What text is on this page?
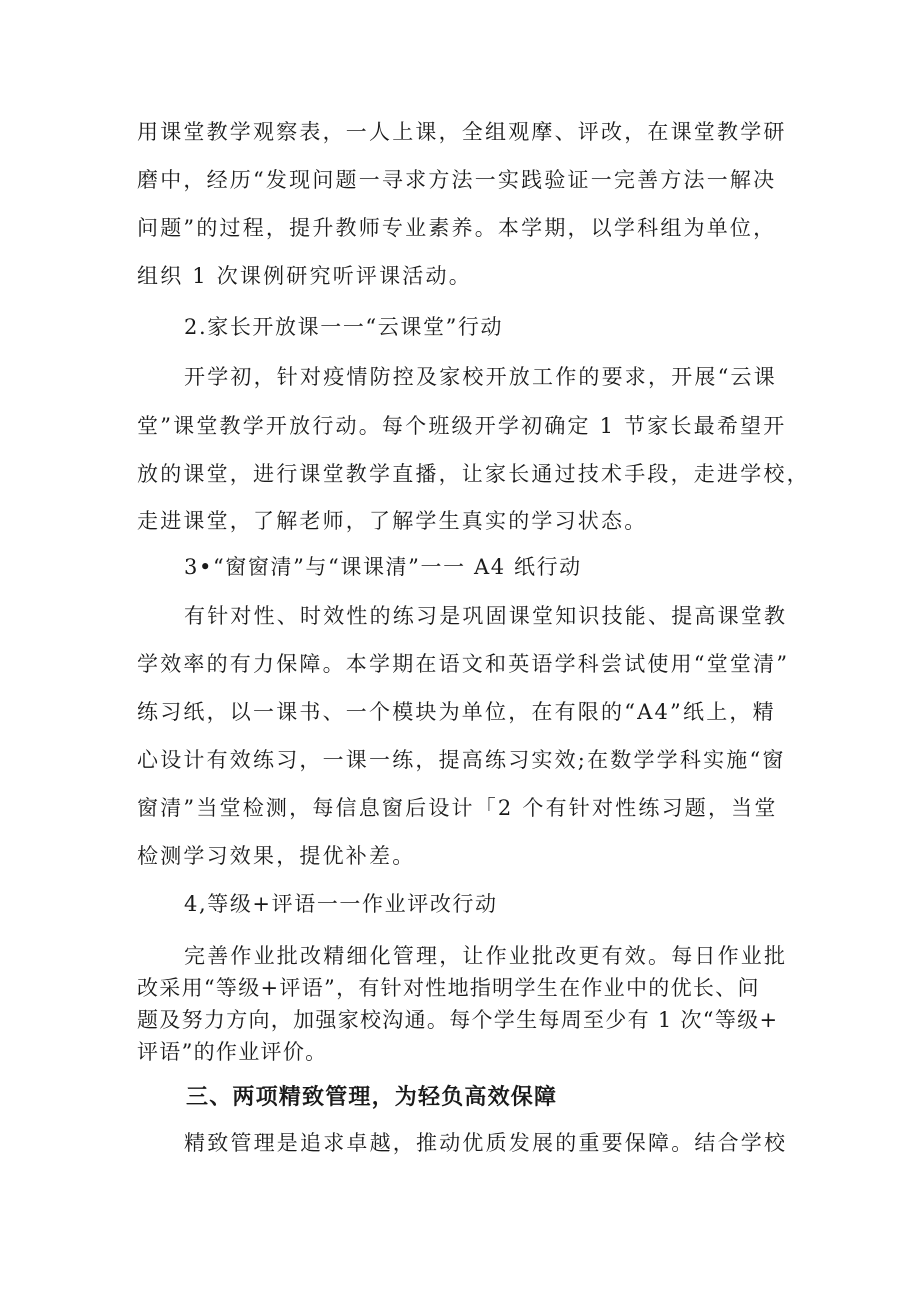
用课堂教学观察表，一人上课，全组观摩、评改，在课堂教学研
磨中，经历“发现问题一寻求方法一实践验证一完善方法一解决
问题”的过程，提升教师专业素养。本学期，以学科组为单位，
组织 1 次课例研究听评课活动。
2.家长开放课一一“云课堂”行动
开学初，针对疫情防控及家校开放工作的要求，开展“云课
堂”课堂教学开放行动。每个班级开学初确定 1 节家长最希望开
放的课堂，进行课堂教学直播，让家长通过技术手段，走进学校，
走进课堂，了解老师，了解学生真实的学习状态。
3•“窗窗清”与“课课清”一一 A4 纸行动
有针对性、时效性的练习是巩固课堂知识技能、提高课堂教
学效率的有力保障。本学期在语文和英语学科尝试使用“堂堂清”
练习纸，以一课书、一个模块为单位，在有限的“A4”纸上，精
心设计有效练习，一课一练，提高练习实效;在数学学科实施“窗
窗清”当堂检测，每信息窗后设计「2 个有针对性练习题，当堂
检测学习效果，提优补差。
4,等级+评语一一作业评改行动
完善作业批改精细化管理，让作业批改更有效。每日作业批
改采用“等级+评语”，有针对性地指明学生在作业中的优长、问
题及努力方向，加强家校沟通。每个学生每周至少有 1 次“等级+
评语”的作业评价。
三、两项精致管理，为轻负高效保障
精致管理是追求卓越，推动优质发展的重要保障。结合学校
